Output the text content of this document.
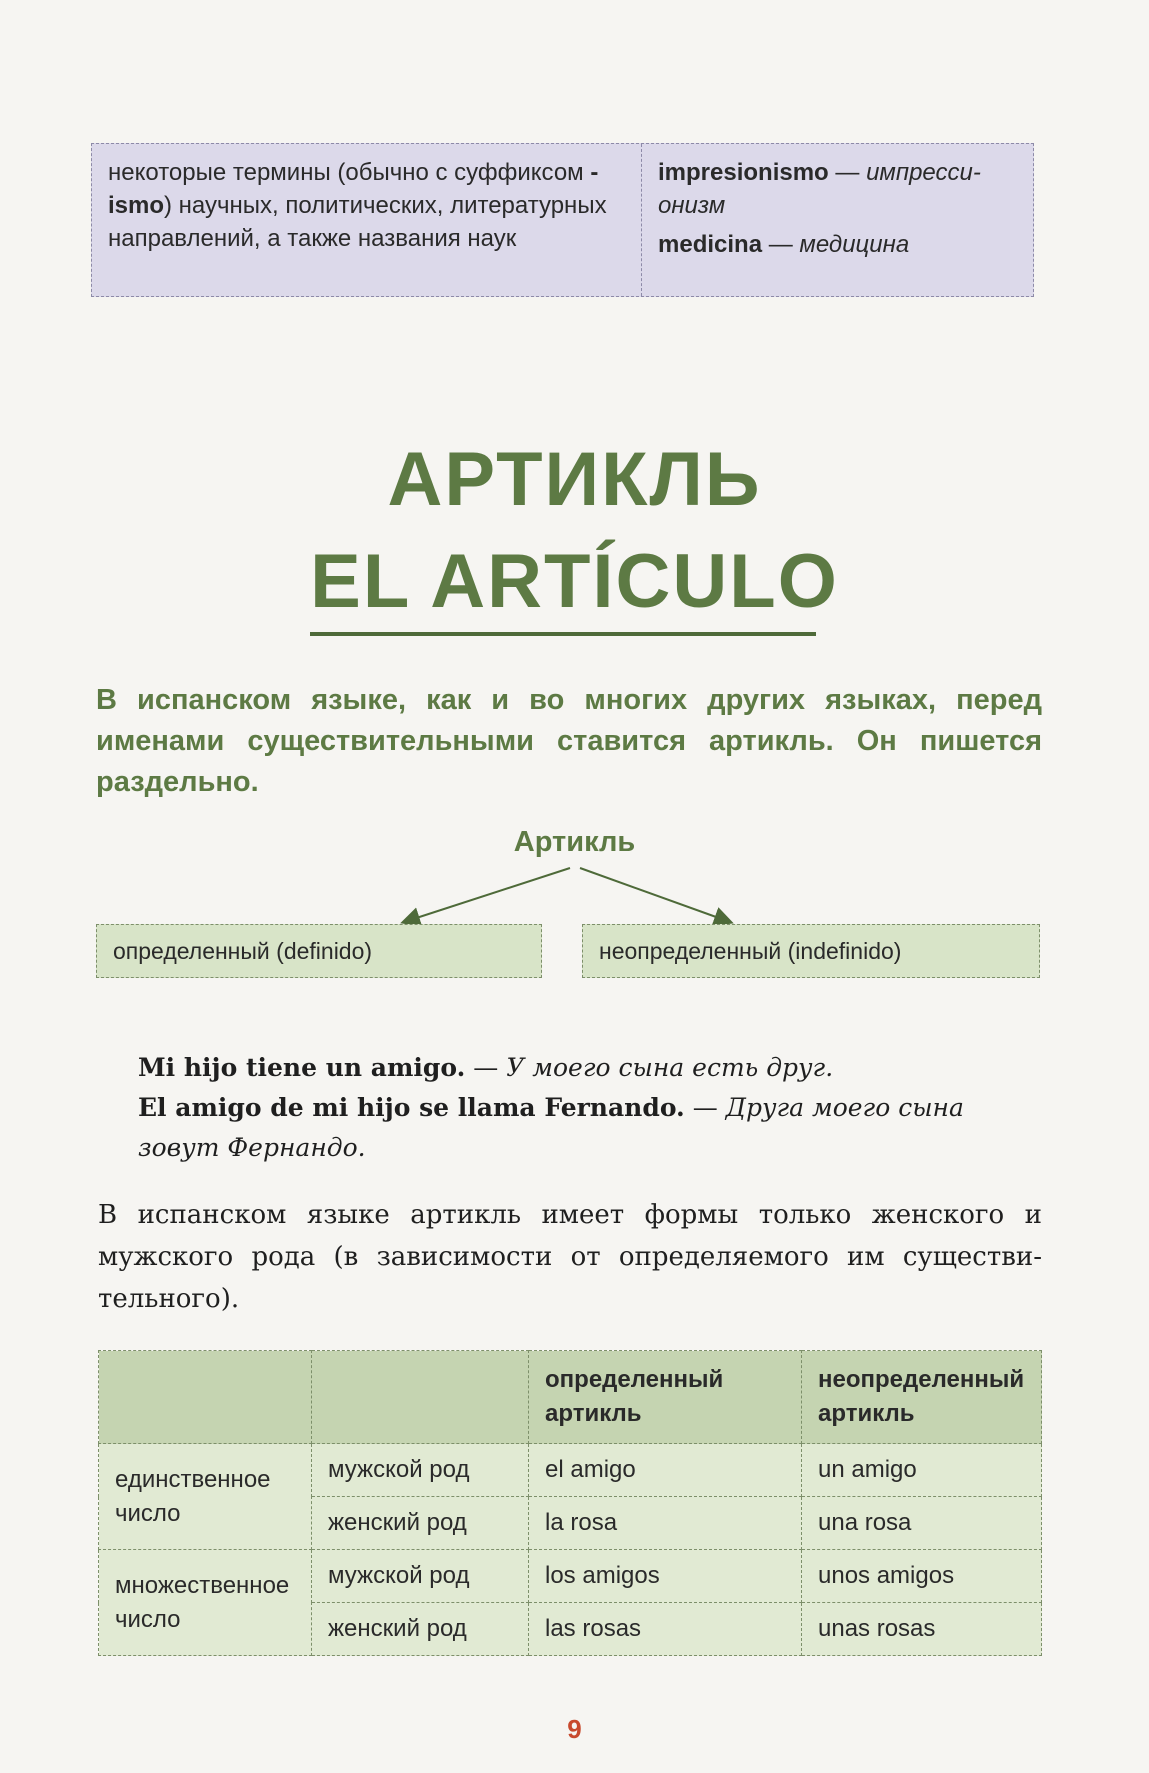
некоторые термины (обычно с суффиксом -ismo) научных, политических, литературных направлений, а также названия наук
impresionismo — импрессионизм
medicina — медицина
АРТИКЛЬ
EL ARTÍCULO
В испанском языке, как и во многих других языках, перед именами существительными ставится артикль. Он пишется раздельно.
Артикль
определенный (definido)	неопределенный (indefinido)
Mi hijo tiene un amigo. — У моего сына есть друг.
El amigo de mi hijo se llama Fernando. — Друга моего сына зовут Фернандо.
В испанском языке артикль имеет формы только женского и мужского рода (в зависимости от определяемого им существительного).
		определенный артикль	неопределенный артикль
единственное число	мужской род	el amigo	un amigo
	женский род	la rosa	una rosa
множественное число	мужской род	los amigos	unos amigos
	женский род	las rosas	unas rosas
9
